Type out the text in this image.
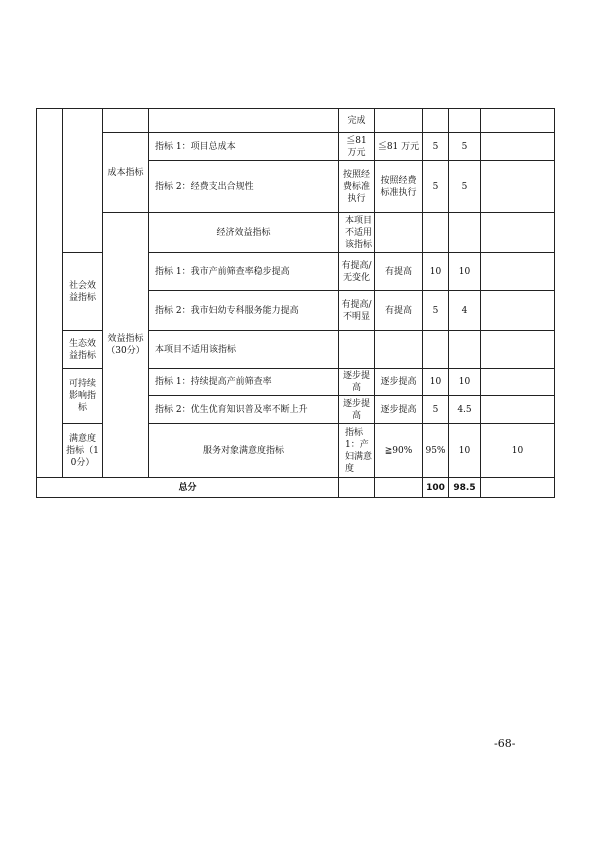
				完成					
		成本指标	指标 1：项目总成本	≦81 万元	≦81 万元	5	5		
			指标 2：经费支出合规性	按照经费标准执行	按照经费标准执行	5	5		
		效益指标（30分）	经济效益指标	本项目不适用该指标					
	社会效益指标		指标 1：我市产前筛查率稳步提高	有提高/无变化	有提高	10	10		
			指标 2：我市妇幼专科服务能力提高	有提高/不明显	有提高	5	4		
	生态效益指标		本项目不适用该指标						
	可持续影响指标		指标 1：持续提高产前筛查率	逐步提高	逐步提高	10	10		
			指标 2：优生优育知识普及率不断上升	逐步提高	逐步提高	5	4.5		
	满意度指标（10分）		服务对象满意度指标	指标 1：产妇满意度	≧90%	95%	10	10	
总分						100	98.5		
-68-
